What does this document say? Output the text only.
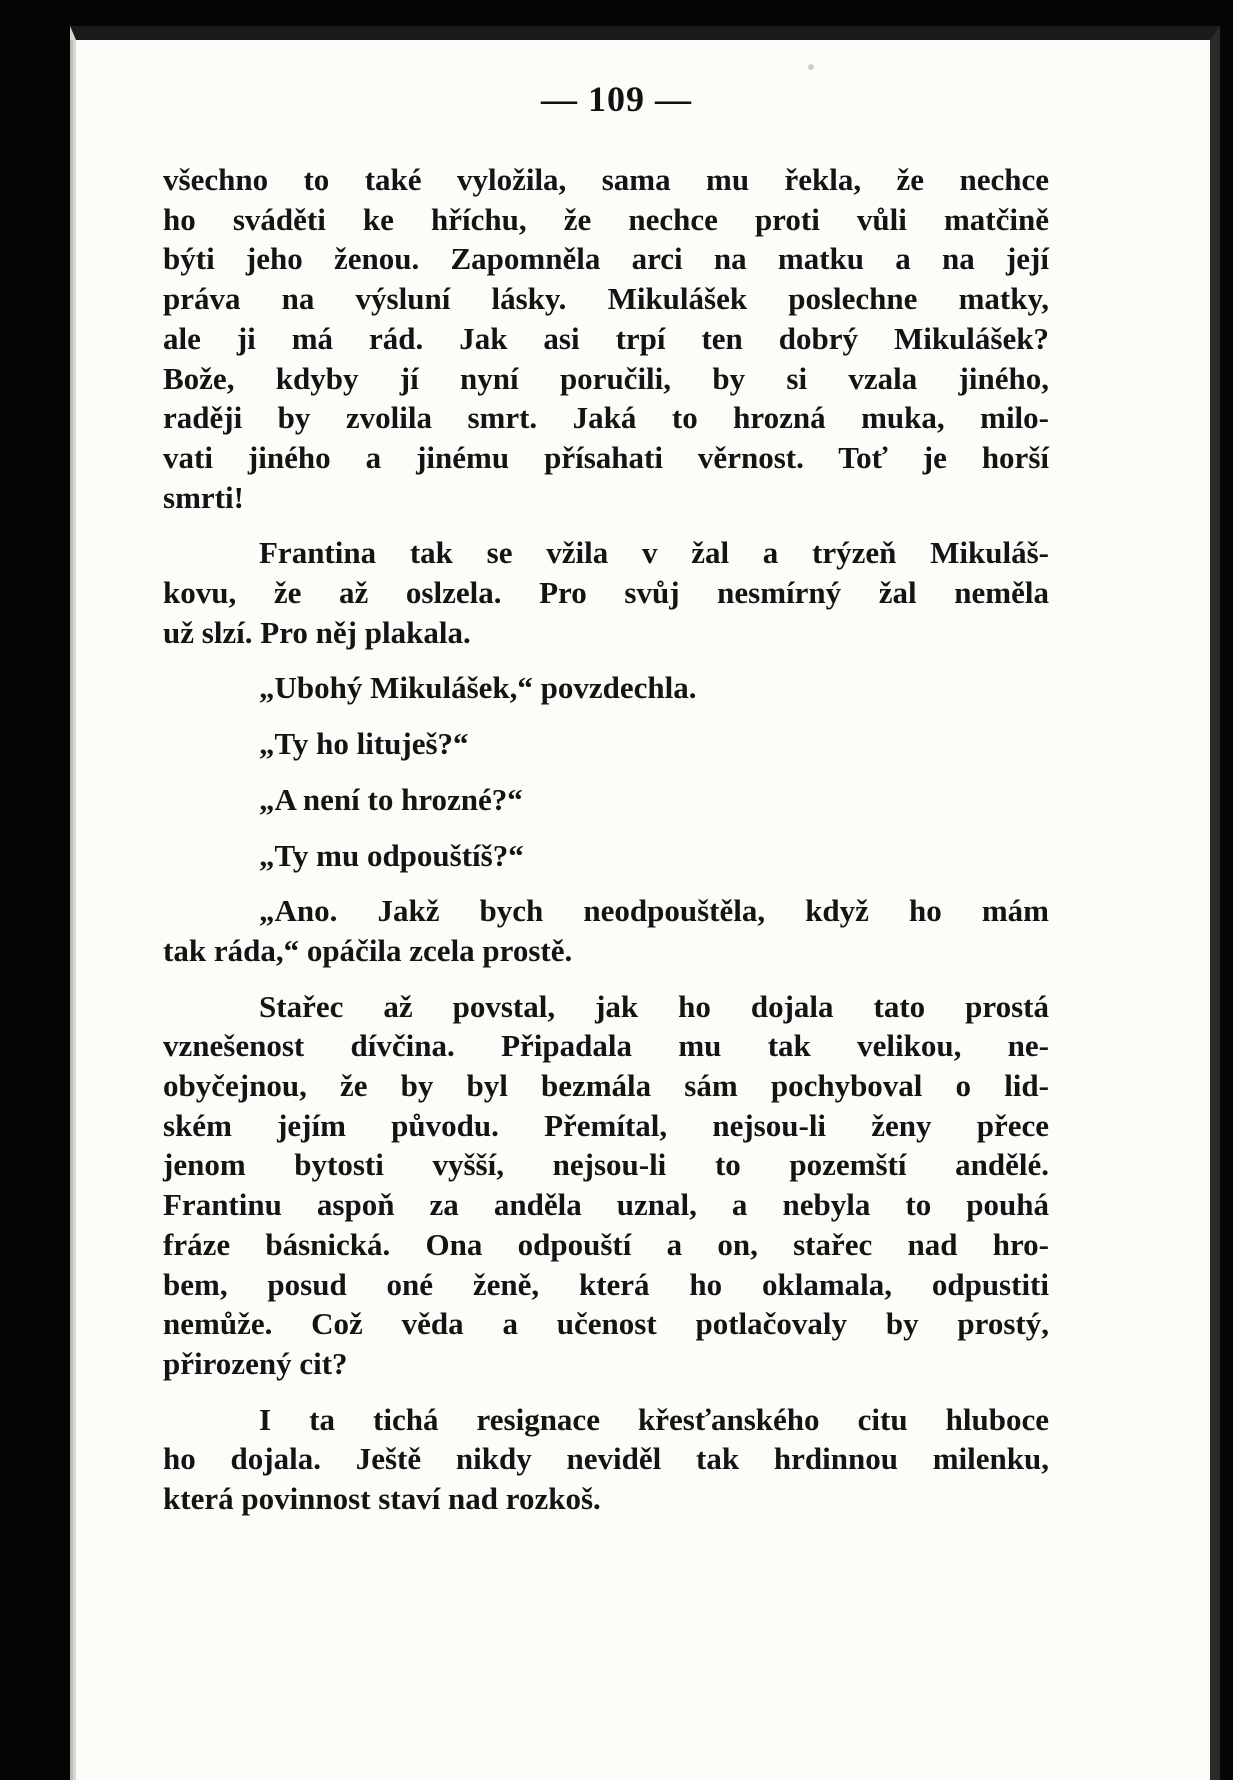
— 109 —

všechno to také vyložila, sama mu řekla, že nechce
ho sváděti ke hříchu, že nechce proti vůli matčině
býti jeho ženou. Zapomněla arci na matku a na její
práva na výsluní lásky. Mikulášek poslechne matky,
ale ji má rád. Jak asi trpí ten dobrý Mikulášek?
Bože, kdyby jí nyní poručili, by si vzala jiného,
raději by zvolila smrt. Jaká to hrozná muka, milo-
vati jiného a jinému přísahati věrnost. Toť je horší
smrti!

Frantina tak se vžila v žal a trýzeň Mikuláš-
kovu, že až oslzela. Pro svůj nesmírný žal neměla
už slzí. Pro něj plakala.

„Ubohý Mikulášek,“ povzdechla.

„Ty ho lituješ?“

„A není to hrozné?“

„Ty mu odpouštíš?“

„Ano. Jakž bych neodpouštěla, když ho mám
tak ráda,“ opáčila zcela prostě.

Stařec až povstal, jak ho dojala tato prostá
vznešenost dívčina. Připadala mu tak velikou, ne-
obyčejnou, že by byl bezmála sám pochyboval o lid-
ském jejím původu. Přemítal, nejsou-li ženy přece
jenom bytosti vyšší, nejsou-li to pozemští andělé.
Frantinu aspoň za anděla uznal, a nebyla to pouhá
fráze básnická. Ona odpouští a on, stařec nad hro-
bem, posud oné ženě, která ho oklamala, odpustiti
nemůže. Což věda a učenost potlačovaly by prostý,
přirozený cit?

I ta tichá resignace křesťanského citu hluboce
ho dojala. Ještě nikdy neviděl tak hrdinnou milenku,
která povinnost staví nad rozkoš.
